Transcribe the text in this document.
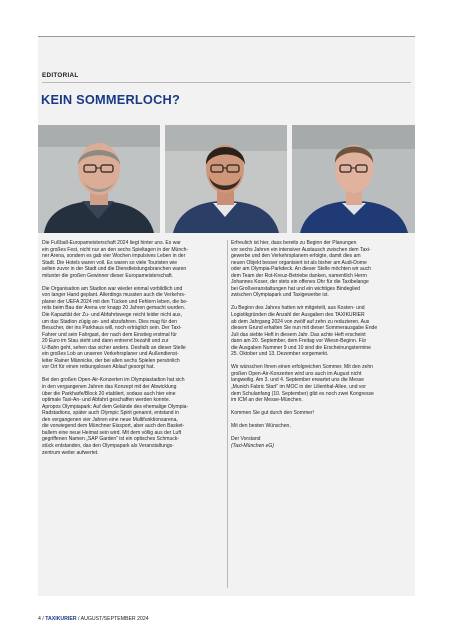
EDITORIAL
KEIN SOMMERLOCH?

Die Fußball-Europameisterschaft 2024 liegt hinter uns. Es war
ein großes Fest, nicht nur an den sechs Spieltagen in der Münch-
ner Arena, sondern es gab vier Wochen impulsives Leben in der
Stadt. Die Hotels waren voll. Es waren so viele Touristen wie
selten zuvor in der Stadt und die Dienstleistungsbranchen waren
mitunter die großen Gewinner dieser Europameisterschaft.

Die Organisation am Stadion war wieder einmal vorbildlich und
von langer Hand geplant. Allerdings mussten auch die Verkehrs-
planer der UEFA 2024 mit den Tücken und Fehlern leben, die be-
reits beim Bau der Arena vor knapp 20 Jahren gemacht wurden.
Die Kapazität der Zu- und Abfahrtswege reicht leider nicht aus,
um das Stadion zügig an- und abzufahren. Dies mag für den
Besucher, der ins Parkhaus will, noch erträglich sein. Der Taxi-
Fahrer und sein Fahrgast, der nach dem Einstieg erstmal für
20 Euro im Stau steht und dann entnervt bezahlt und zur
U-Bahn geht, sehen das sicher anders. Deshalb an dieser Stelle
ein großes Lob an unseren Verkehrsplaner und Außendienst-
leiter Rainer Männicke, der bei allen sechs Spielen persönlich
vor Ort für einen reibungslosen Ablauf gesorgt hat.

Bei den großen Open-Air-Konzerten im Olympiastadion hat sich
in den vergangenen Jahren das Konzept mit der Abwicklung
über die Parkharfe/Block 20 etabliert, sodass auch hier eine
optimale Taxi-An- und Abfahrt geschaffen werden konnte.
Apropos Olympiapark: Auf dem Gelände des ehemalige Olympia-
Radstadions, später auch Olympic Spirit genannt, entstand in
den vergangenen vier Jahren eine neue Multifunktionsarena,
die vorwiegend dem Münchner Eissport, aber auch den Basket-
ballern eine neue Heimat sein wird. Mit dem völlig aus der Luft
gegriffenen Namen „SAP Garden“ ist ein optisches Schmuck-
stück entstanden, das den Olympapark als Veranstaltungs-
zentrum weiter aufwertet.

Erfreulich ist hier, dass bereits zu Beginn der Planungen
vor sechs Jahren ein intensiver Austausch zwischen dem Taxi-
gewerbe und den Verkehrsplanern erfolgte, damit dies am
neuen Objekt besser organisiert ist als bisher am Audi-Dome
oder am Olympia-Parkdeck. An dieser Stelle möchten wir auch
dem Team der Rot-Kreuz-Betriebe danken, namentlich Herrn
Johannes Koser, der stets ein offenes Ohr für die Taxibelange
bei Großveranstaltungen hat und ein wichtiges Bindeglied
zwischen Olympiapark und Taxigewerbe ist.

Zu Beginn des Jahres hatten wir mitgeteilt, aus Kosten- und
Logistikgründen die Anzahl der Ausgaben des TAXIKURIER
ab dem Jahrgang 2024 von zwölf auf zehn zu reduzieren. Aus
diesem Grund erhalten Sie nun mit dieser Sommerausgabe Ende
Juli das siebte Heft in diesem Jahr. Das achte Heft erscheint
dann am 20. September, dem Freitag vor Wiesn-Beginn. Für
die Ausgaben Nummer 9 und 10 sind die Erscheinungstermine
25. Oktober und 13. Dezember vorgemerkt.

Wir wünschen Ihnen einen erfolgreichen Sommer. Mit den zehn
großen Open-Air-Konzerten wird uns auch im August nicht
langweilig. Am 3. und 4. September erwartet uns die Messe
„Munich Fabric Start“ im MOC in der Lilienthal-Allee, und vor
dem Schulanfang (10. September) gibt es noch zwei Kongresse
im ICM an der Messe-München.

Kommen Sie gut durch den Sommer!

Mit den besten Wünschen,

Der Vorstand
(Taxi-München eG)

4 / TAXIKURIER / AUGUST/SEPTEMBER 2024
